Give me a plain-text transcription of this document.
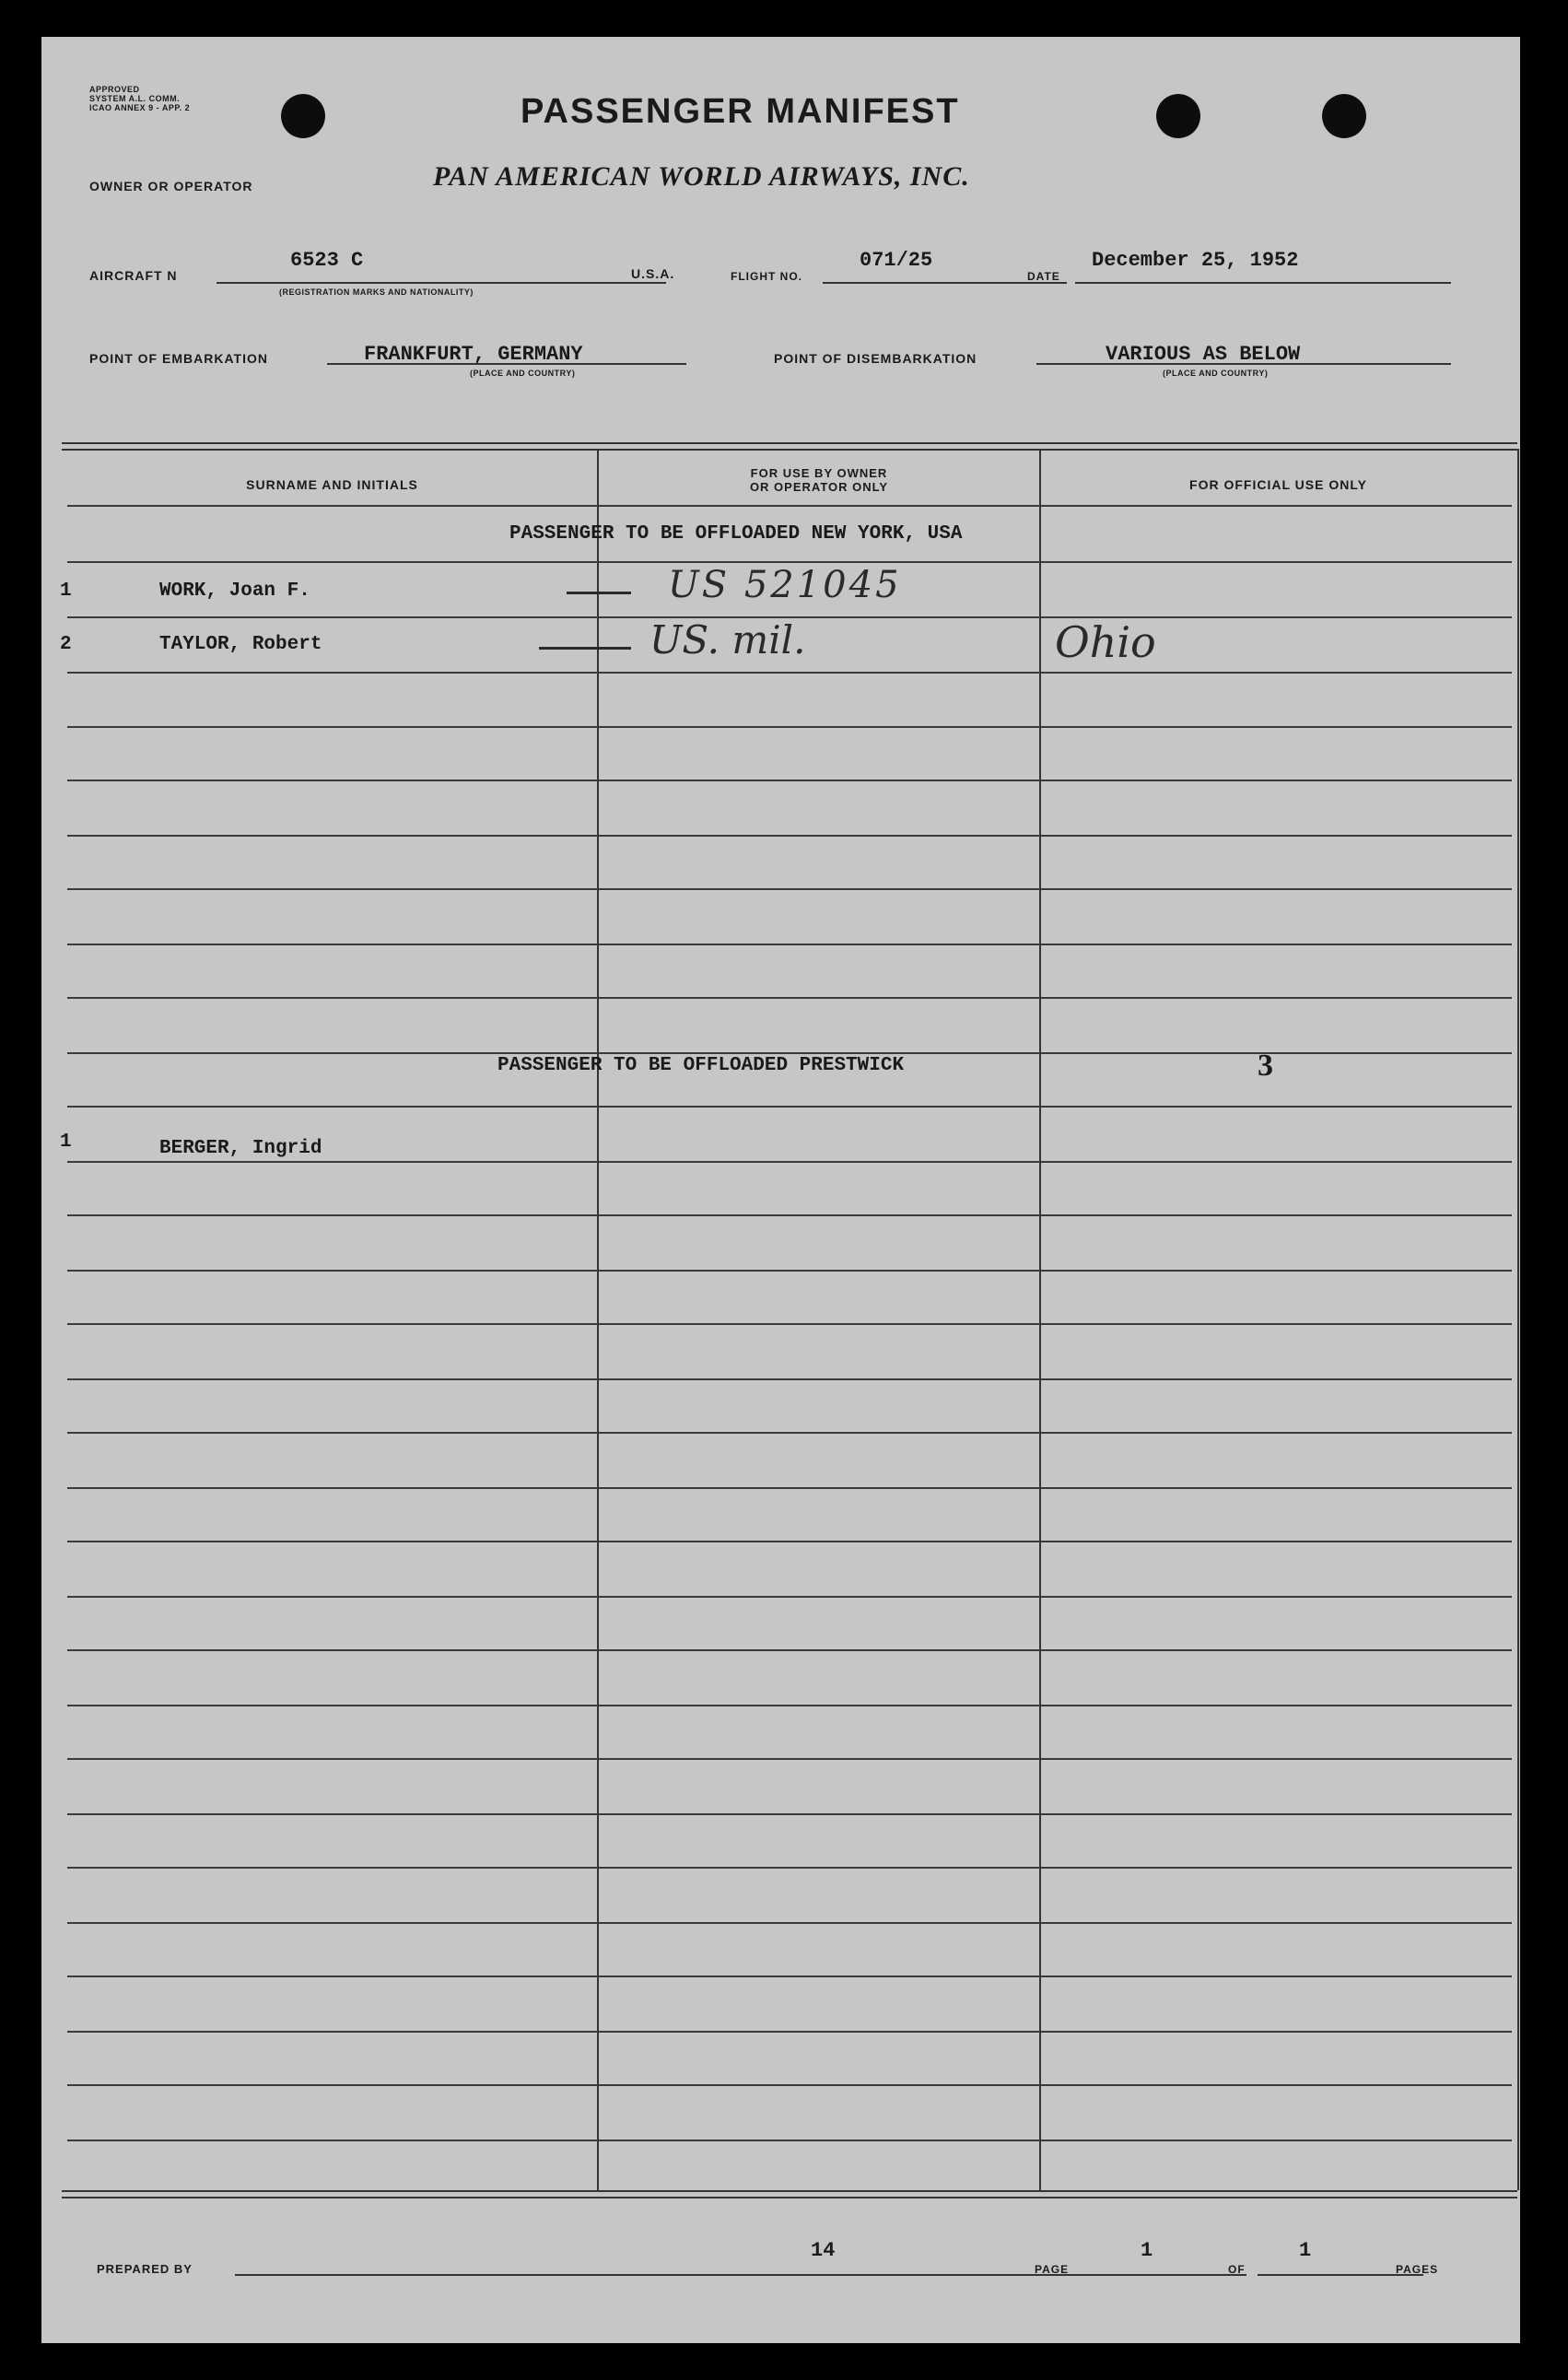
APPROVED
SYSTEM A.L. COMM.
ICAO ANNEX 9 - APP. 2	PASSENGER MANIFEST
OWNER OR OPERATOR	PAN AMERICAN WORLD AIRWAYS, INC.
AIRCRAFT N
6523 C
(REGISTRATION MARKS AND NATIONALITY)
U.S.A.	FLIGHT NO.
071/25
DATE
December 25, 1952
POINT OF EMBARKATION	FRANKFURT, GERMANY
(PLACE AND COUNTRY)
POINT OF DISEMBARKATION	VARIOUS AS BELOW
(PLACE AND COUNTRY)
SURNAME AND INITIALS
FOR USE BY OWNER
OR OPERATOR ONLY	FOR OFFICIAL USE ONLY
PASSENGER TO BE OFFLOADED NEW YORK, USA
1	WORK, Joan F.	US 521045
2	TAYLOR, Robert	US. mil.	Ohio
PASSENGER TO BE OFFLOADED PRESTWICK	3
1	BERGER, Ingrid
PREPARED BY
14
PAGE
1
OF
1
PAGES
